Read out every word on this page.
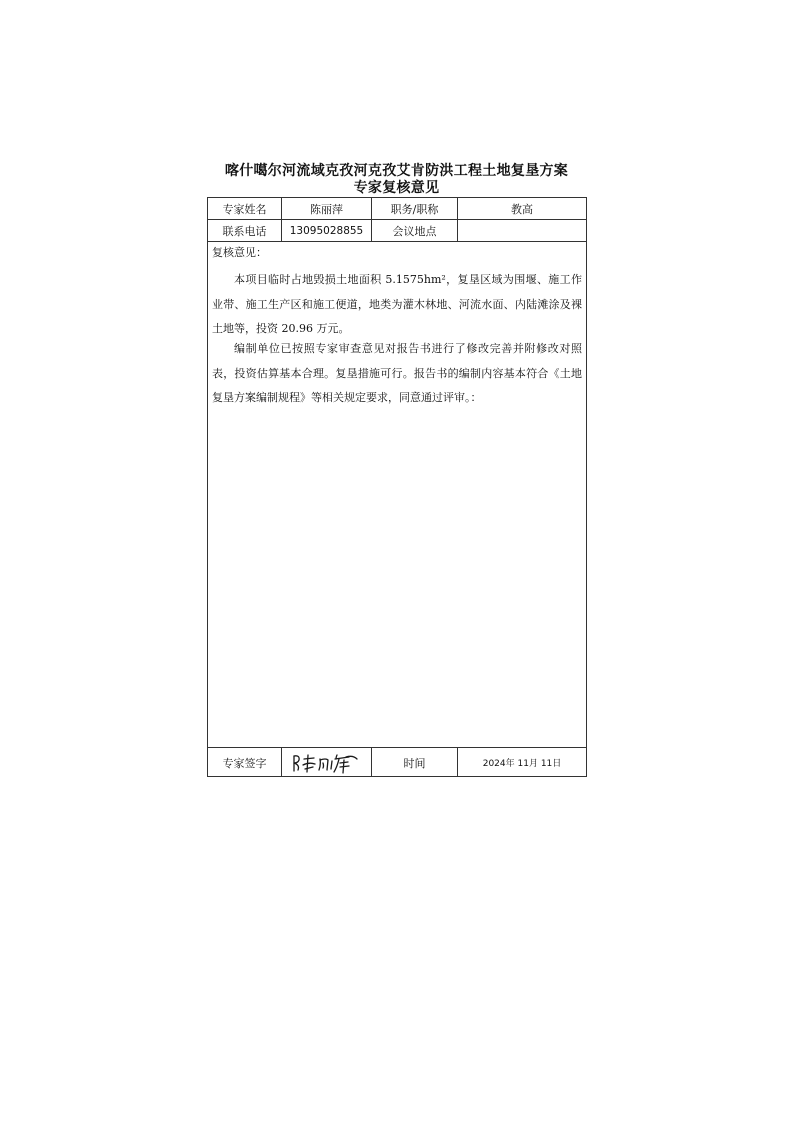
喀什噶尔河流域克孜河克孜艾肯防洪工程土地复垦方案
专家复核意见
专家姓名	陈丽萍	职务/职称	教高
联系电话	13095028855	会议地点
复核意见：

本项目临时占地毁损土地面积 5.1575hm²，复垦区域为围堰、施工作业带、施工生产区和施工便道，地类为灌木林地、河流水面、内陆滩涂及裸土地等，投资 20.96 万元。

编制单位已按照专家审查意见对报告书进行了修改完善并附修改对照表，投资估算基本合理。复垦措施可行。报告书的编制内容基本符合《土地复垦方案编制规程》等相关规定要求，同意通过评审。：

专家签字	时间	2024年 11月 11日
